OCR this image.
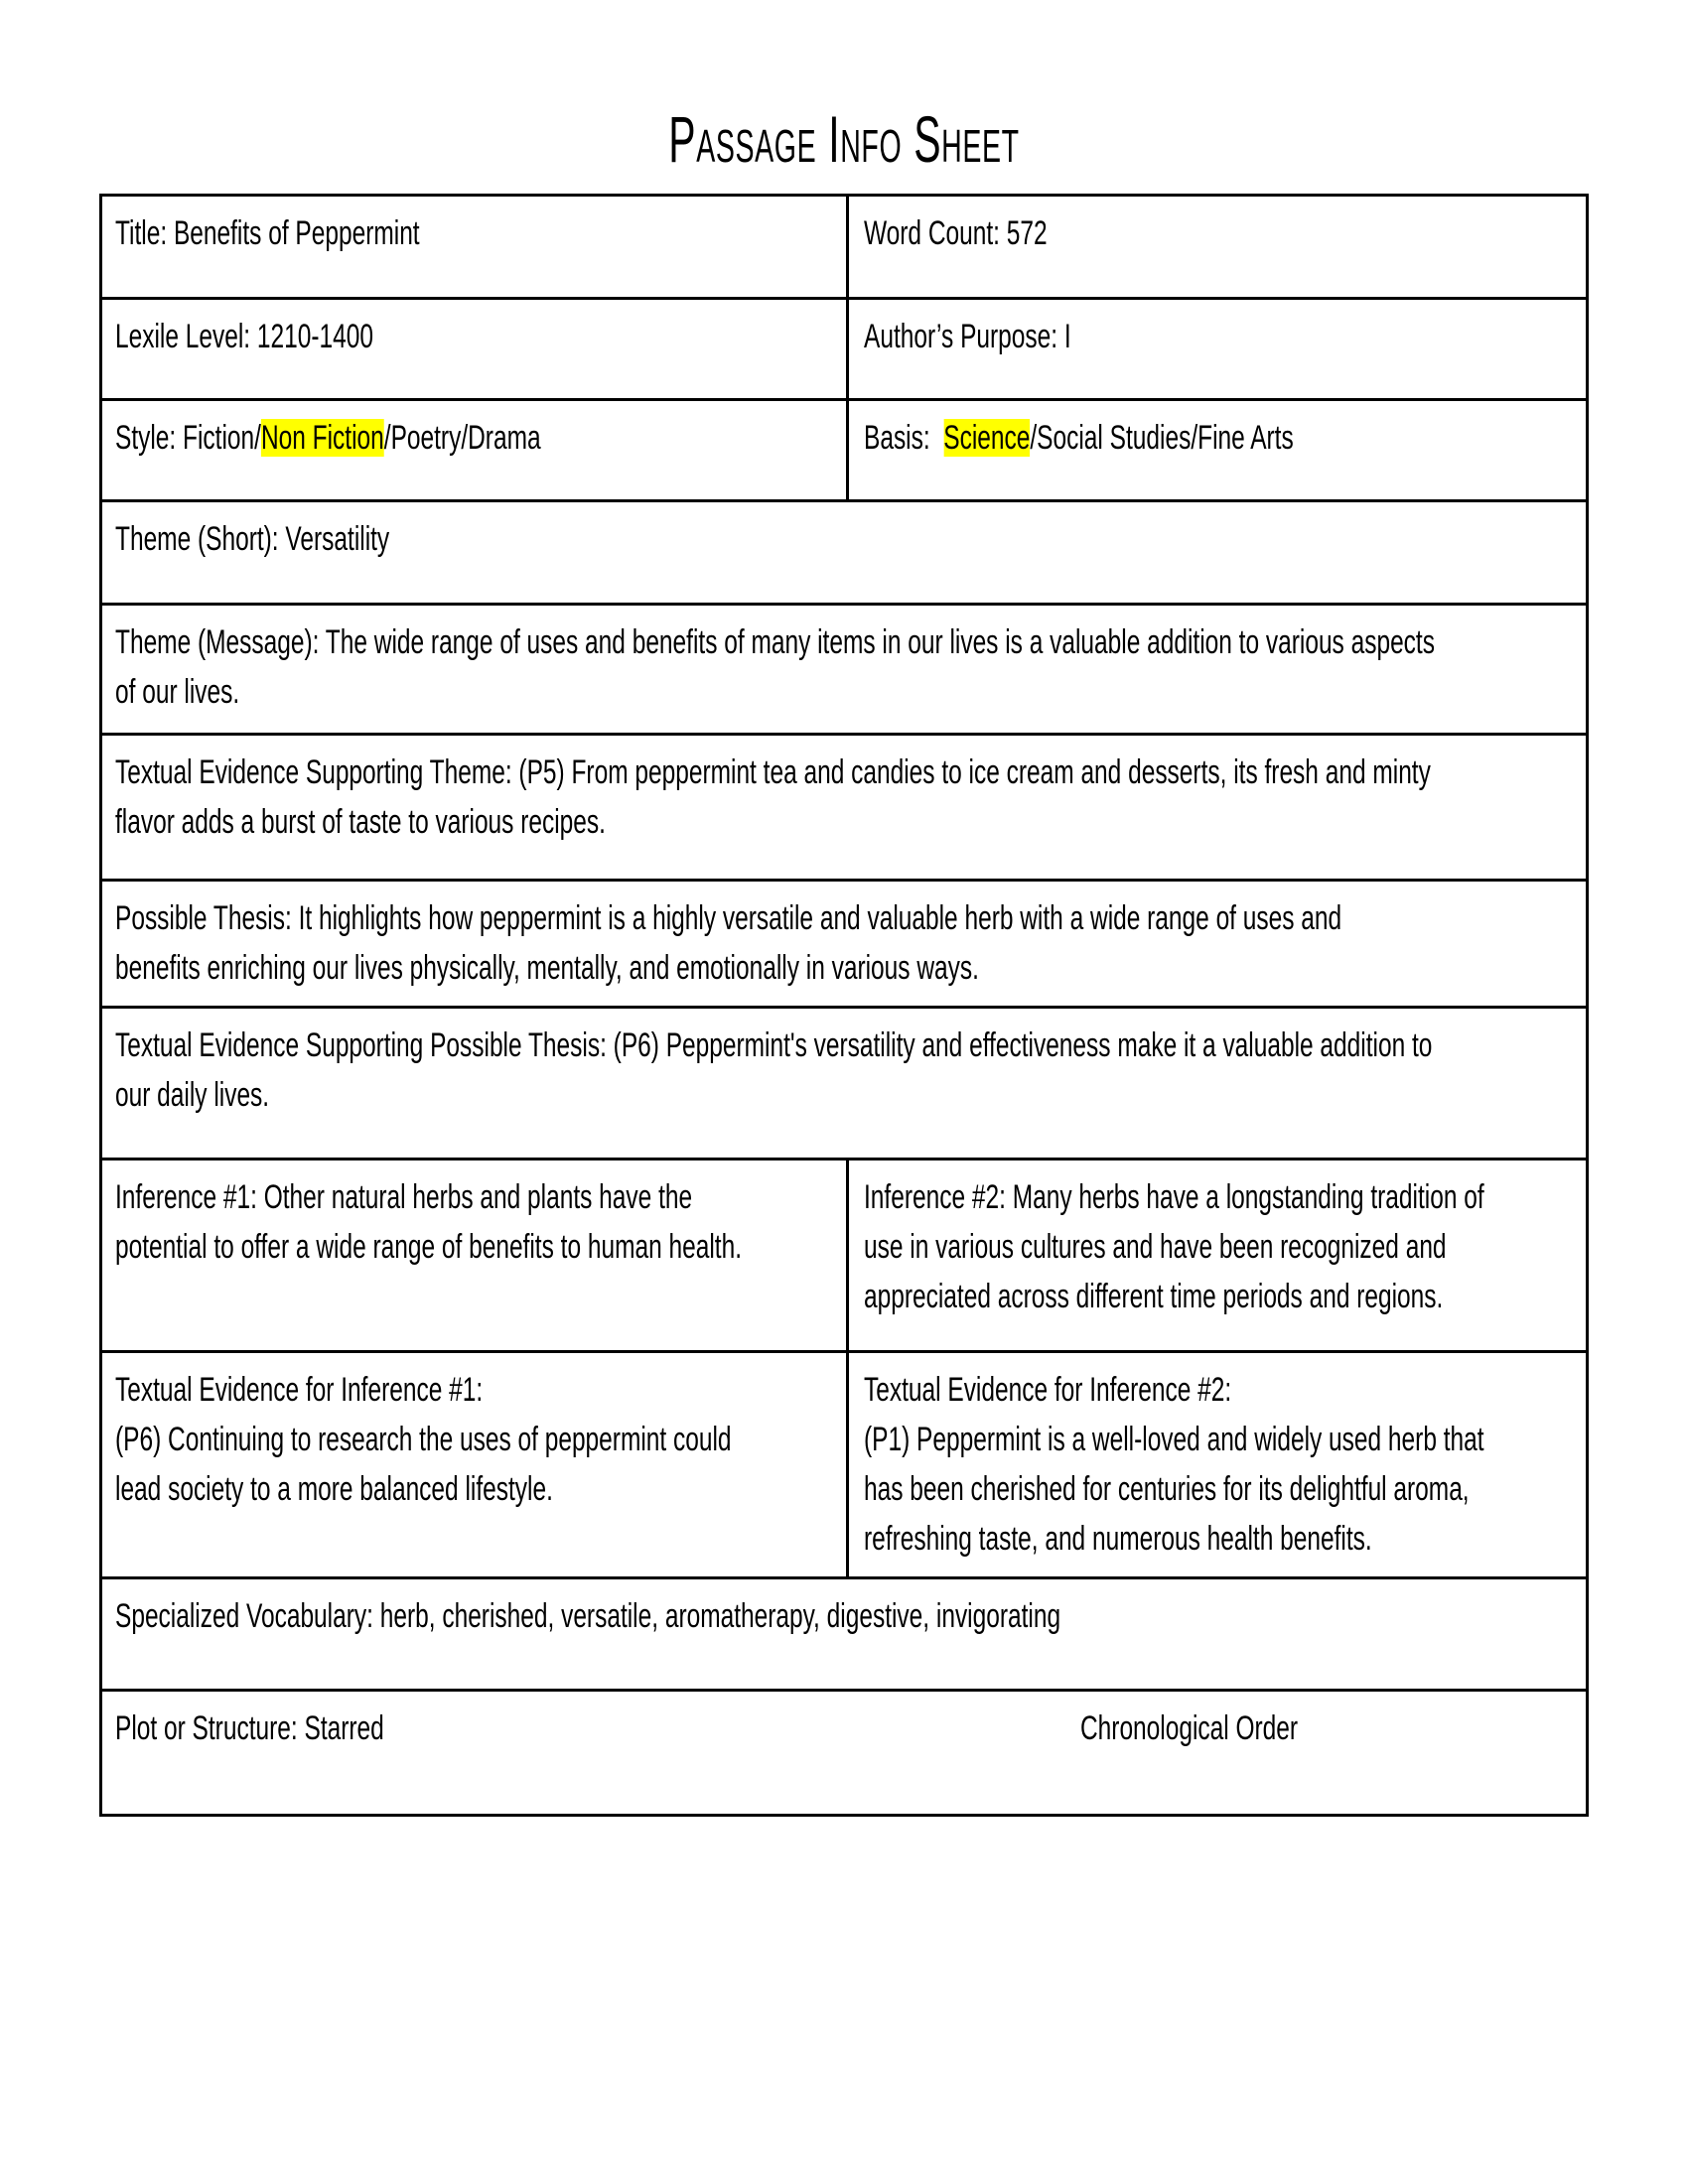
Passage Info Sheet
Title: Benefits of Peppermint	Word Count: 572
Lexile Level: 1210-1400	Author’s Purpose: I
Style: Fiction/Non Fiction/Poetry/Drama	Basis: Science/Social Studies/Fine Arts
Theme (Short): Versatility
Theme (Message): The wide range of uses and benefits of many items in our lives is a valuable addition to various aspects
of our lives.
Textual Evidence Supporting Theme: (P5) From peppermint tea and candies to ice cream and desserts, its fresh and minty
flavor adds a burst of taste to various recipes.
Possible Thesis: It highlights how peppermint is a highly versatile and valuable herb with a wide range of uses and
benefits enriching our lives physically, mentally, and emotionally in various ways.
Textual Evidence Supporting Possible Thesis: (P6) Peppermint's versatility and effectiveness make it a valuable addition to
our daily lives.
Inference #1: Other natural herbs and plants have the
potential to offer a wide range of benefits to human health.
Inference #2: Many herbs have a longstanding tradition of
use in various cultures and have been recognized and
appreciated across different time periods and regions.
Textual Evidence for Inference #1:
(P6) Continuing to research the uses of peppermint could
lead society to a more balanced lifestyle.
Textual Evidence for Inference #2:
(P1) Peppermint is a well-loved and widely used herb that
has been cherished for centuries for its delightful aroma,
refreshing taste, and numerous health benefits.
Specialized Vocabulary: herb, cherished, versatile, aromatherapy, digestive, invigorating
Plot or Structure: Starred	Chronological Order
